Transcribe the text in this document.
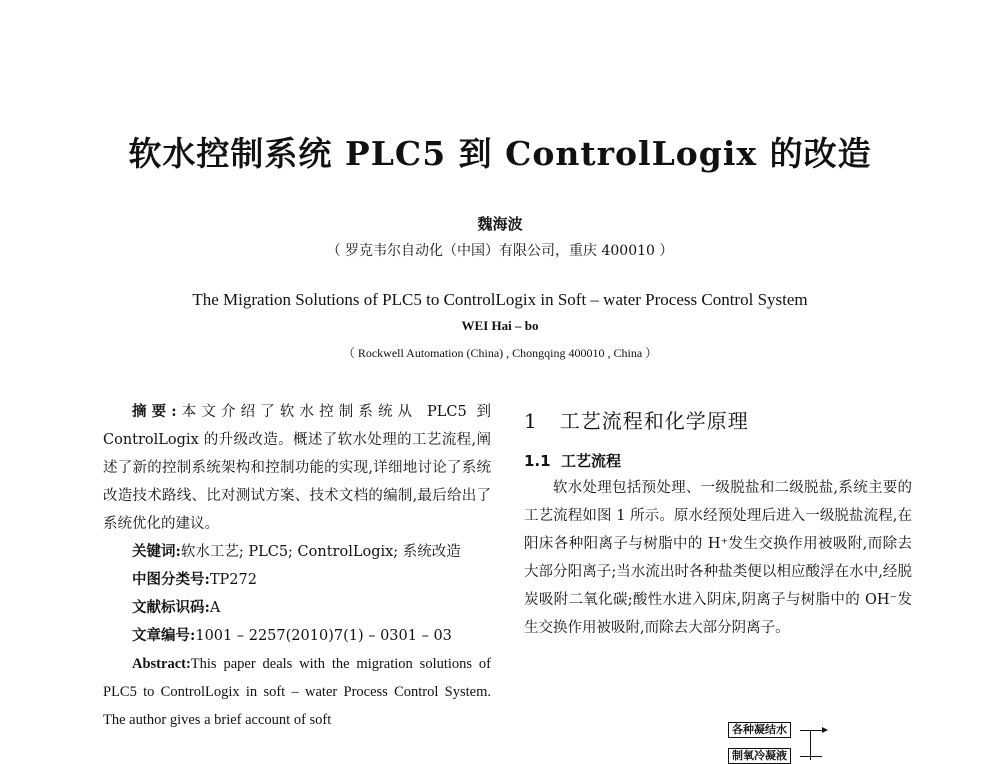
软水控制系统 PLC5 到 ControlLogix 的改造
魏海波
（ 罗克韦尔自动化（中国）有限公司，重庆 400010 ）
The Migration Solutions of PLC5 to ControlLogix in Soft – water Process Control System
WEI Hai – bo
（ Rockwell Automation (China) , Chongqing 400010 , China ）

摘要:本文介绍了软水控制系统从 PLC5 到 ControlLogix 的升级改造。概述了软水处理的工艺流程,阐述了新的控制系统架构和控制功能的实现,详细地讨论了系统改造技术路线、比对测试方案、技术文档的编制,最后给出了系统优化的建议。

关键词:软水工艺; PLC5; ControlLogix; 系统改造

中图分类号:TP272

文献标识码:A

文章编号:1001 – 2257(2010)7(1) – 0301 – 03

Abstract:This paper deals with the migration solutions of PLC5 to ControlLogix in soft – water Process Control System. The author gives a brief account of soft

1 工艺流程和化学原理
1.1 工艺流程

软水处理包括预处理、一级脱盐和二级脱盐,系统主要的工艺流程如图 1 所示。原水经预处理后进入一级脱盐流程,在阳床各种阳离子与树脂中的 H⁺发生交换作用被吸附,而除去大部分阳离子;当水流出时各种盐类便以相应酸浮在水中,经脱炭吸附二氧化碳;酸性水进入阴床,阴离子与树脂中的 OH⁻发生交换作用被吸附,而除去大部分阴离子。

各种凝结水
制氧冷凝液
